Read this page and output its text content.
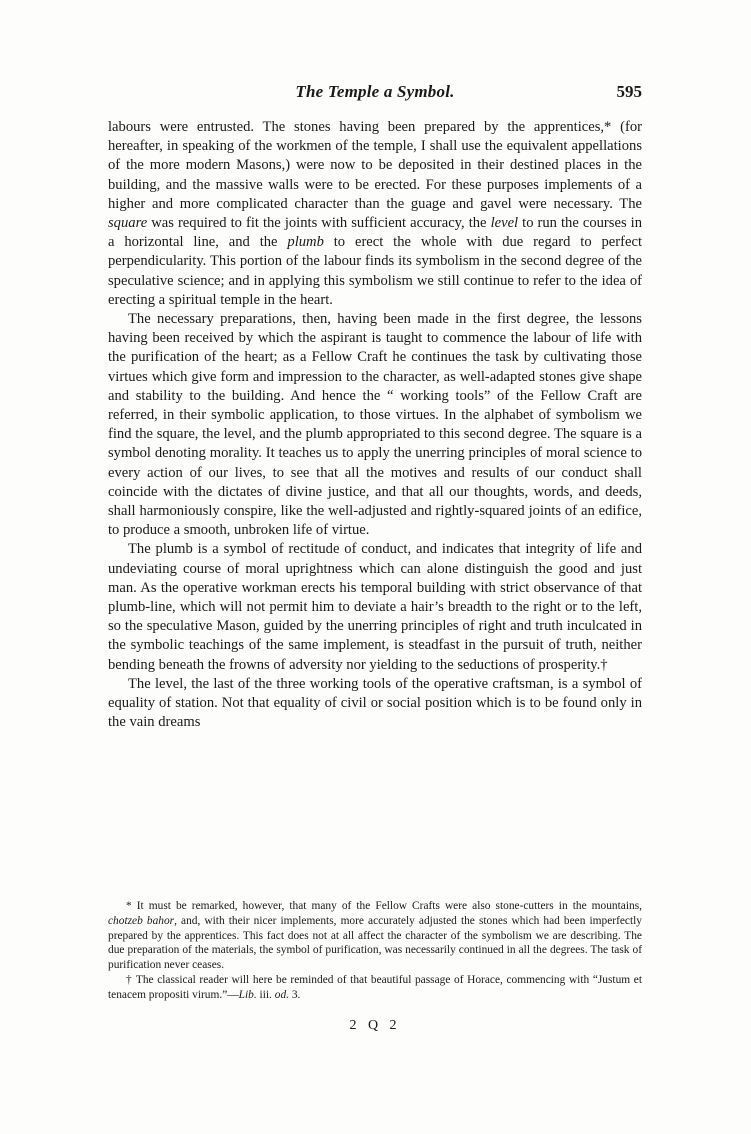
The Temple a Symbol.	595

labours were entrusted. The stones having been prepared by the apprentices,* (for hereafter, in speaking of the workmen of the temple, I shall use the equivalent appellations of the more modern Masons,) were now to be deposited in their destined places in the building, and the massive walls were to be erected. For these purposes implements of a higher and more complicated character than the guage and gavel were necessary. The square was required to fit the joints with sufficient accuracy, the level to run the courses in a horizontal line, and the plumb to erect the whole with due regard to perfect perpendicularity. This portion of the labour finds its symbolism in the second degree of the speculative science; and in applying this symbolism we still continue to refer to the idea of erecting a spiritual temple in the heart.

The necessary preparations, then, having been made in the first degree, the lessons having been received by which the aspirant is taught to commence the labour of life with the purification of the heart; as a Fellow Craft he continues the task by cultivating those virtues which give form and impression to the character, as well-adapted stones give shape and stability to the building. And hence the “ working tools” of the Fellow Craft are referred, in their symbolic application, to those virtues. In the alphabet of symbolism we find the square, the level, and the plumb appropriated to this second degree. The square is a symbol denoting morality. It teaches us to apply the unerring principles of moral science to every action of our lives, to see that all the motives and results of our conduct shall coincide with the dictates of divine justice, and that all our thoughts, words, and deeds, shall harmoniously conspire, like the well-adjusted and rightly-squared joints of an edifice, to produce a smooth, unbroken life of virtue.

The plumb is a symbol of rectitude of conduct, and indicates that integrity of life and undeviating course of moral uprightness which can alone distinguish the good and just man. As the operative workman erects his temporal building with strict observance of that plumb-line, which will not permit him to deviate a hair’s breadth to the right or to the left, so the speculative Mason, guided by the unerring principles of right and truth inculcated in the symbolic teachings of the same implement, is steadfast in the pursuit of truth, neither bending beneath the frowns of adversity nor yielding to the seductions of prosperity.†

The level, the last of the three working tools of the operative craftsman, is a symbol of equality of station. Not that equality of civil or social position which is to be found only in the vain dreams

* It must be remarked, however, that many of the Fellow Crafts were also stone-cutters in the mountains, chotzeb bahor, and, with their nicer implements, more accurately adjusted the stones which had been imperfectly prepared by the apprentices. This fact does not at all affect the character of the symbolism we are describing. The due preparation of the materials, the symbol of purification, was necessarily continued in all the degrees. The task of purification never ceases.

† The classical reader will here be reminded of that beautiful passage of Horace, commencing with “Justum et tenacem propositi virum.”—Lib. iii. od. 3.

2 Q 2
